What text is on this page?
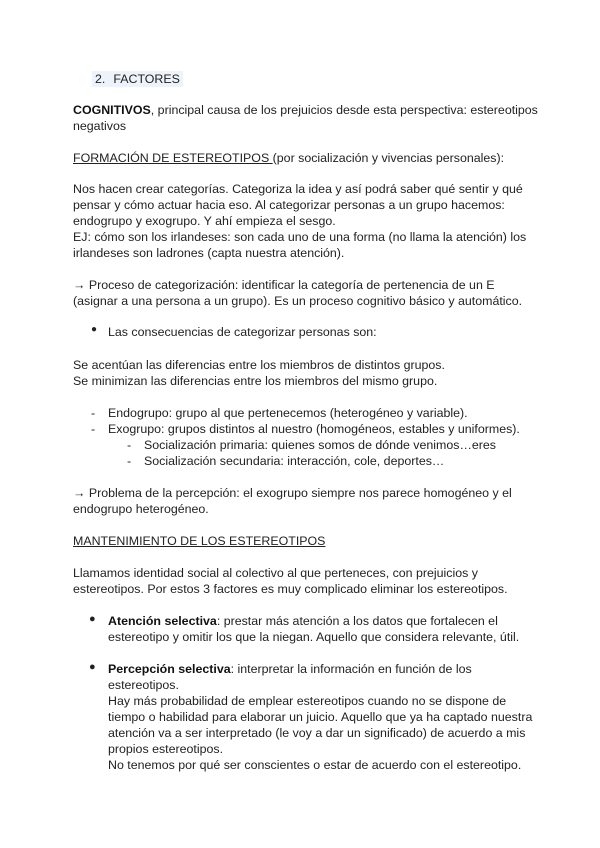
2. FACTORES

COGNITIVOS, principal causa de los prejuicios desde esta perspectiva: estereotipos
negativos

FORMACIÓN DE ESTEREOTIPOS (por socialización y vivencias personales):

Nos hacen crear categorías. Categoriza la idea y así podrá saber qué sentir y qué
pensar y cómo actuar hacia eso. Al categorizar personas a un grupo hacemos:
endogrupo y exogrupo. Y ahí empieza el sesgo.
EJ: cómo son los irlandeses: son cada uno de una forma (no llama la atención) los
irlandeses son ladrones (capta nuestra atención).

→ Proceso de categorización: identificar la categoría de pertenencia de un E
(asignar a una persona a un grupo). Es un proceso cognitivo básico y automático.

● Las consecuencias de categorizar personas son:

Se acentúan las diferencias entre los miembros de distintos grupos.
Se minimizan las diferencias entre los miembros del mismo grupo.

-
-

Endogrupo: grupo al que pertenecemos (heterogéneo y variable).
Exogrupo: grupos distintos al nuestro (homogéneos, estables y uniformes).

-
-

Socialización primaria: quienes somos de dónde venimos…eres
Socialización secundaria: interacción, cole, deportes…

→ Problema de la percepción: el exogrupo siempre nos parece homogéneo y el
endogrupo heterogéneo.

MANTENIMIENTO DE LOS ESTEREOTIPOS

Llamamos identidad social al colectivo al que perteneces, con prejuicios y
estereotipos. Por estos 3 factores es muy complicado eliminar los estereotipos.

● Atención selectiva: prestar más atención a los datos que fortalecen el
estereotipo y omitir los que la niegan. Aquello que considera relevante, útil.

● Percepción selectiva: interpretar la información en función de los
estereotipos.
Hay más probabilidad de emplear estereotipos cuando no se dispone de
tiempo o habilidad para elaborar un juicio. Aquello que ya ha captado nuestra
atención va a ser interpretado (le voy a dar un significado) de acuerdo a mis
propios estereotipos.
No tenemos por qué ser conscientes o estar de acuerdo con el estereotipo.
